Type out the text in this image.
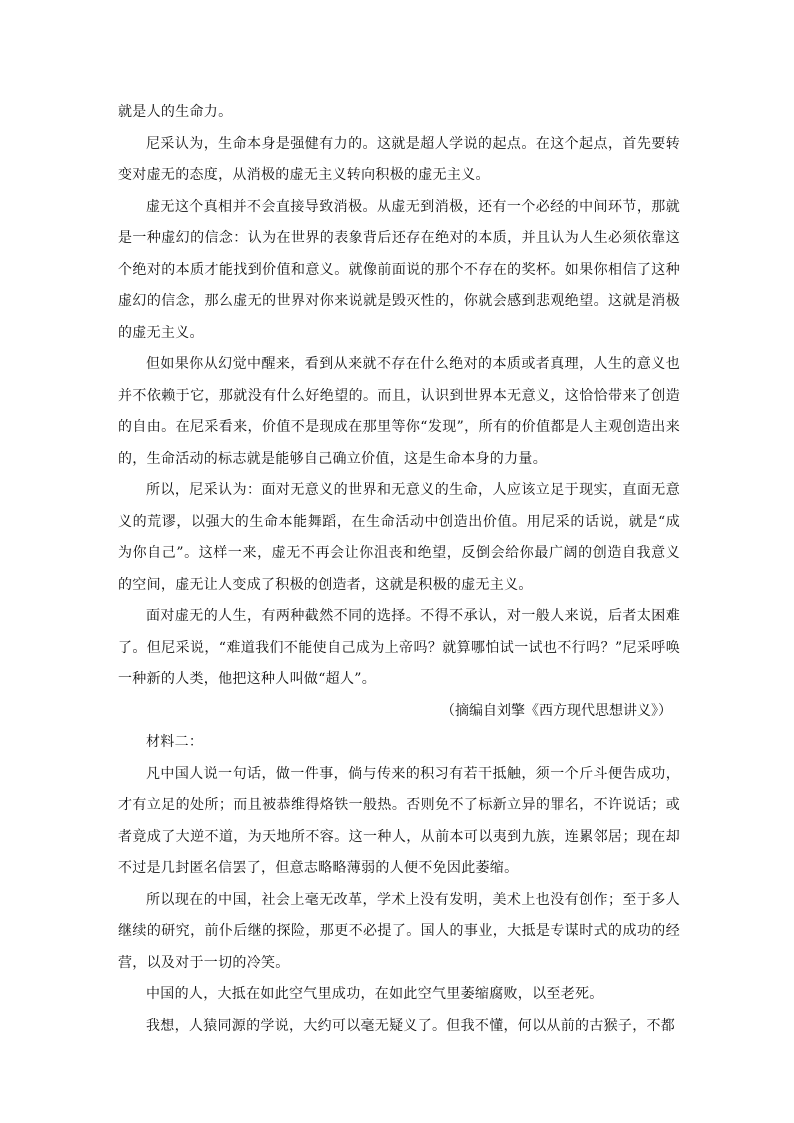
就是人的生命力。

尼采认为，生命本身是强健有力的。这就是超人学说的起点。在这个起点，首先要转变对虚无的态度，从消极的虚无主义转向积极的虚无主义。

虚无这个真相并不会直接导致消极。从虚无到消极，还有一个必经的中间环节，那就是一种虚幻的信念：认为在世界的表象背后还存在绝对的本质，并且认为人生必须依靠这个绝对的本质才能找到价值和意义。就像前面说的那个不存在的奖杯。如果你相信了这种虚幻的信念，那么虚无的世界对你来说就是毁灭性的，你就会感到悲观绝望。这就是消极的虚无主义。

但如果你从幻觉中醒来，看到从来就不存在什么绝对的本质或者真理，人生的意义也并不依赖于它，那就没有什么好绝望的。而且，认识到世界本无意义，这恰恰带来了创造的自由。在尼采看来，价值不是现成在那里等你“发现”，所有的价值都是人主观创造出来的，生命活动的标志就是能够自己确立价值，这是生命本身的力量。

所以，尼采认为：面对无意义的世界和无意义的生命，人应该立足于现实，直面无意义的荒谬，以强大的生命本能舞蹈，在生命活动中创造出价值。用尼采的话说，就是“成为你自己”。这样一来，虚无不再会让你沮丧和绝望，反倒会给你最广阔的创造自我意义的空间，虚无让人变成了积极的创造者，这就是积极的虚无主义。

面对虚无的人生，有两种截然不同的选择。不得不承认，对一般人来说，后者太困难了。但尼采说，“难道我们不能使自己成为上帝吗？就算哪怕试一试也不行吗？”尼采呼唤一种新的人类，他把这种人叫做“超人”。

（摘编自刘擎《西方现代思想讲义》）

材料二：

凡中国人说一句话，做一件事，倘与传来的积习有若干抵触，须一个斤斗便告成功，才有立足的处所；而且被恭维得烙铁一般热。否则免不了标新立异的罪名，不许说话；或者竟成了大逆不道，为天地所不容。这一种人，从前本可以夷到九族，连累邻居；现在却不过是几封匿名信罢了，但意志略略薄弱的人便不免因此萎缩。

所以现在的中国，社会上毫无改革，学术上没有发明，美术上也没有创作；至于多人继续的研究，前仆后继的探险，那更不必提了。国人的事业，大抵是专谋时式的成功的经营，以及对于一切的冷笑。

中国的人，大抵在如此空气里成功，在如此空气里萎缩腐败，以至老死。

我想，人猿同源的学说，大约可以毫无疑义了。但我不懂，何以从前的古猴子，不都
